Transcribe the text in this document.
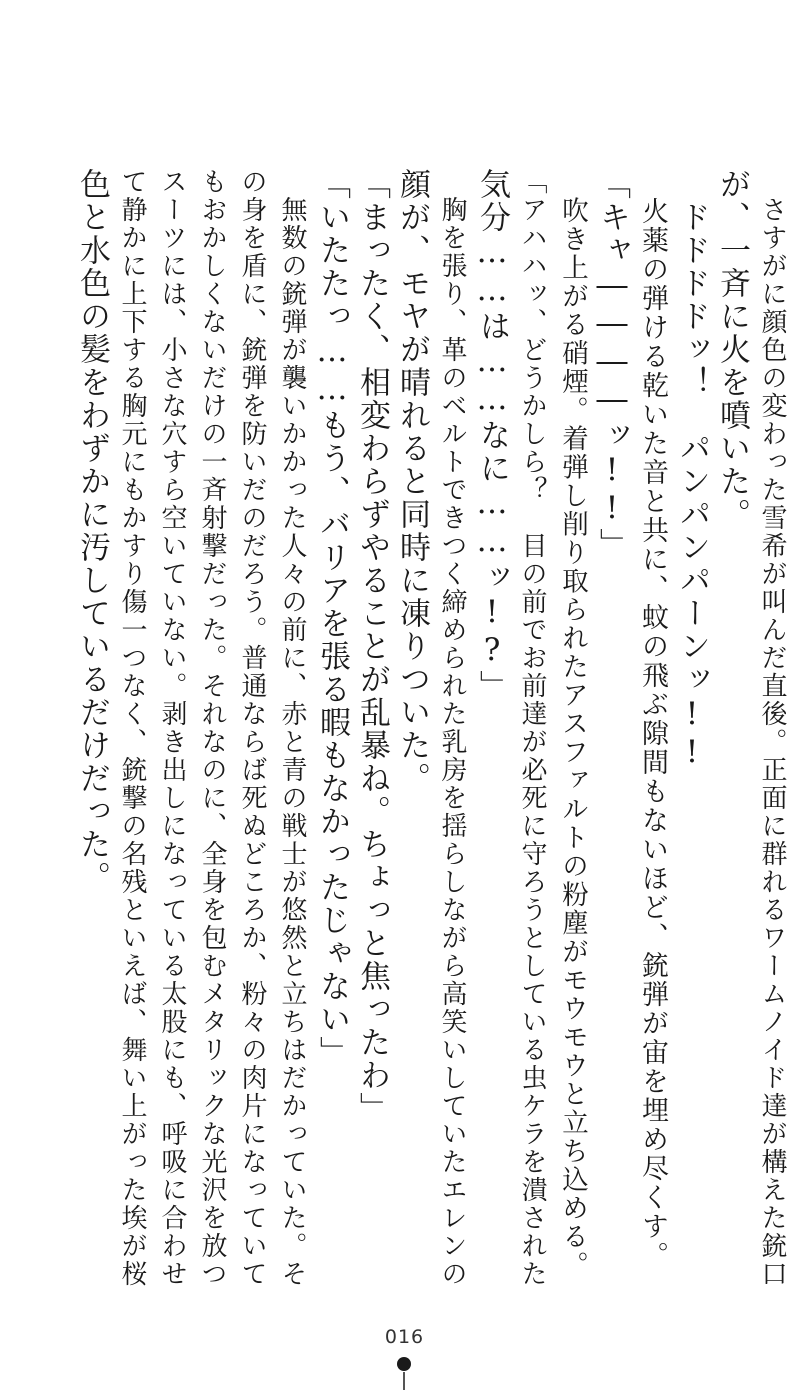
　さすがに顔色の変わった雪希が叫んだ直後。正面に群れるワームノイド達が構えた銃口
が、一斉に火を噴いた。
　ドドドドッ！　パンパンパーンッ!!
　火薬の弾ける乾いた音と共に、蚊の飛ぶ隙間もないほど、銃弾が宙を埋め尽くす。
「キャ――――ッ!!」
　吹き上がる硝煙。着弾し削り取られたアスファルトの粉塵がモウモウと立ち込める。
「アハハッ、どうかしら？　目の前でお前達が必死に守ろうとしている虫ケラを潰された
気分……は……なに……ッ!?」
　胸を張り、革のベルトできつく締められた乳房を揺らしながら高笑いしていたエレンの
顔が、モヤが晴れると同時に凍りついた。
「まったく、相変わらずやることが乱暴ね。ちょっと焦ったわ」
「いたたっ……もう、バリアを張る暇もなかったじゃない」
　無数の銃弾が襲いかかった人々の前に、赤と青の戦士が悠然と立ちはだかっていた。そ
の身を盾に、銃弾を防いだのだろう。普通ならば死ぬどころか、粉々の肉片になっていて
もおかしくないだけの一斉射撃だった。それなのに、全身を包むメタリックな光沢を放つ
スーツには、小さな穴すら空いていない。剥き出しになっている太股にも、呼吸に合わせ
て静かに上下する胸元にもかすり傷一つなく、銃撃の名残といえば、舞い上がった埃が桜
色と水色の髪をわずかに汚しているだけだった。
016
